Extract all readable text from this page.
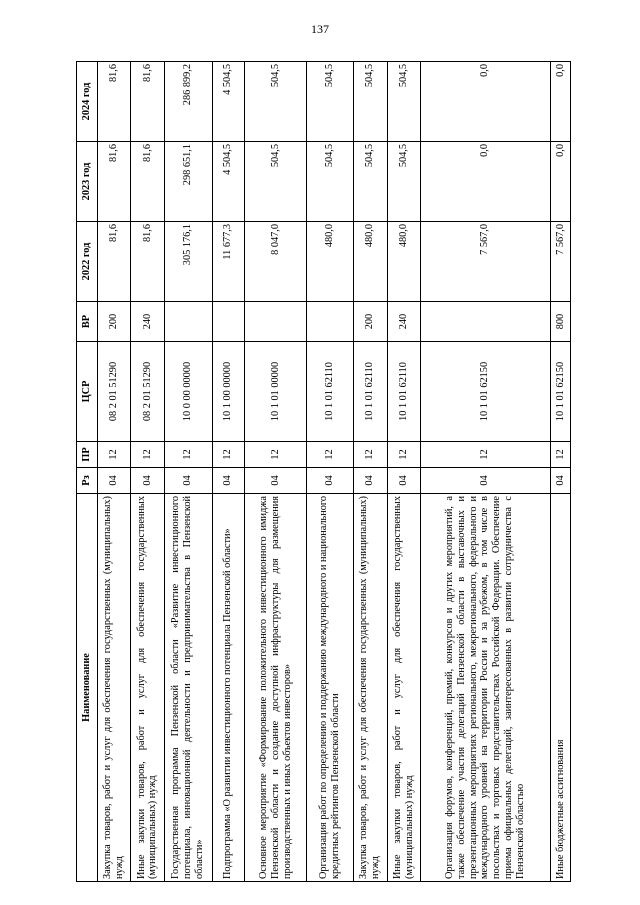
137
Наименование	Рз	ПР	ЦСР	ВР	2022 год	2023 год	2024 год
Закупка товаров, работ и услуг для обеспечения государственных (муниципальных) нужд	04	12	08 2 01 51290	200	81,6	81,6	81,6
Иные закупки товаров, работ и услуг для обеспечения государственных (муниципальных) нужд	04	12	08 2 01 51290	240	81,6	81,6	81,6
Государственная программа Пензенской области «Развитие инвестиционного потенциала, инновационной деятельности и предпринимательства в Пензенской области»	04	12	10 0 00 00000		305 176,1	298 651,1	286 899,2
Подпрограмма «О развитии инвестиционного потенциала Пензенской области»	04	12	10 1 00 00000		11 677,3	4 504,5	4 504,5
Основное мероприятие «Формирование положительного инвестиционного имиджа Пензенской области и создание доступной инфраструктуры для размещения производственных и иных объектов инвесторов»	04	12	10 1 01 00000		8 047,0	504,5	504,5
Организация работ по определению и поддержанию международного и национального кредитных рейтингов Пензенской области	04	12	10 1 01 62110		480,0	504,5	504,5
Закупка товаров, работ и услуг для обеспечения государственных (муниципальных) нужд	04	12	10 1 01 62110	200	480,0	504,5	504,5
Иные закупки товаров, работ и услуг для обеспечения государственных (муниципальных) нужд	04	12	10 1 01 62110	240	480,0	504,5	504,5
Организация форумов, конференций, премий, конкурсов и других мероприятий, а также обеспечение участия делегаций Пензенской области в выставочных и презентационных мероприятиях регионального, межрегионального, федерального и международного уровней на территории России и за рубежом, в том числе в посольствах и торговых представительствах Российской Федерации. Обеспечение приема официальных делегаций, заинтересованных в развитии сотрудничества с Пензенской областью	04	12	10 1 01 62150		7 567,0	0,0	0,0
Иные бюджетные ассигнования	04	12	10 1 01 62150	800	7 567,0	0,0	0,0
